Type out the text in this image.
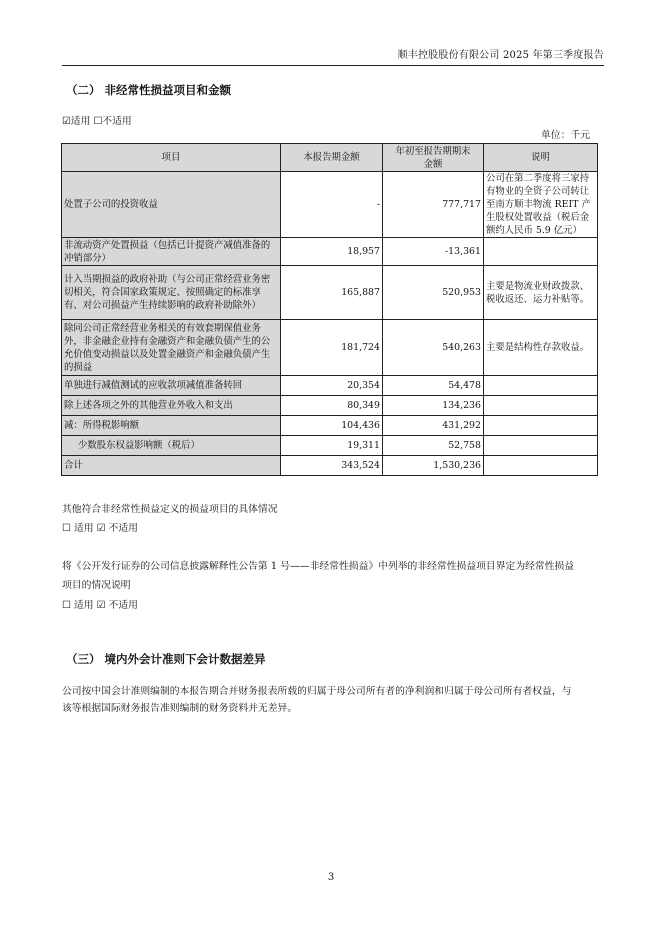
顺丰控股股份有限公司 2025 年第三季度报告
（二） 非经常性损益项目和金额
☑适用 ☐不适用
单位：千元
项目	本报告期金额	年初至报告期期末金额	说明
处置子公司的投资收益	-	777,717	公司在第二季度将三家持有物业的全资子公司转让至南方顺丰物流 REIT 产生股权处置收益（税后金额约人民币 5.9 亿元）
非流动资产处置损益（包括已计提资产减值准备的冲销部分）	18,957	-13,361	
计入当期损益的政府补助（与公司正常经营业务密切相关，符合国家政策规定、按照确定的标准享有、对公司损益产生持续影响的政府补助除外）	165,887	520,953	主要是物流业财政拨款、税收返还、运力补贴等。
除同公司正常经营业务相关的有效套期保值业务外，非金融企业持有金融资产和金融负债产生的公允价值变动损益以及处置金融资产和金融负债产生的损益	181,724	540,263	主要是结构性存款收益。
单独进行减值测试的应收款项减值准备转回	20,354	54,478	
除上述各项之外的其他营业外收入和支出	80,349	134,236	
减：所得税影响额	104,436	431,292	
少数股东权益影响额（税后）	19,311	52,758	
合计	343,524	1,530,236	
其他符合非经常性损益定义的损益项目的具体情况
☐ 适用 ☑ 不适用
将《公开发行证券的公司信息披露解释性公告第 1 号——非经常性损益》中列举的非经常性损益项目界定为经常性损益
项目的情况说明
☐ 适用 ☑ 不适用
（三） 境内外会计准则下会计数据差异
公司按中国会计准则编制的本报告期合并财务报表所载的归属于母公司所有者的净利润和归属于母公司所有者权益，与
该等根据国际财务报告准则编制的财务资料并无差异。
3
